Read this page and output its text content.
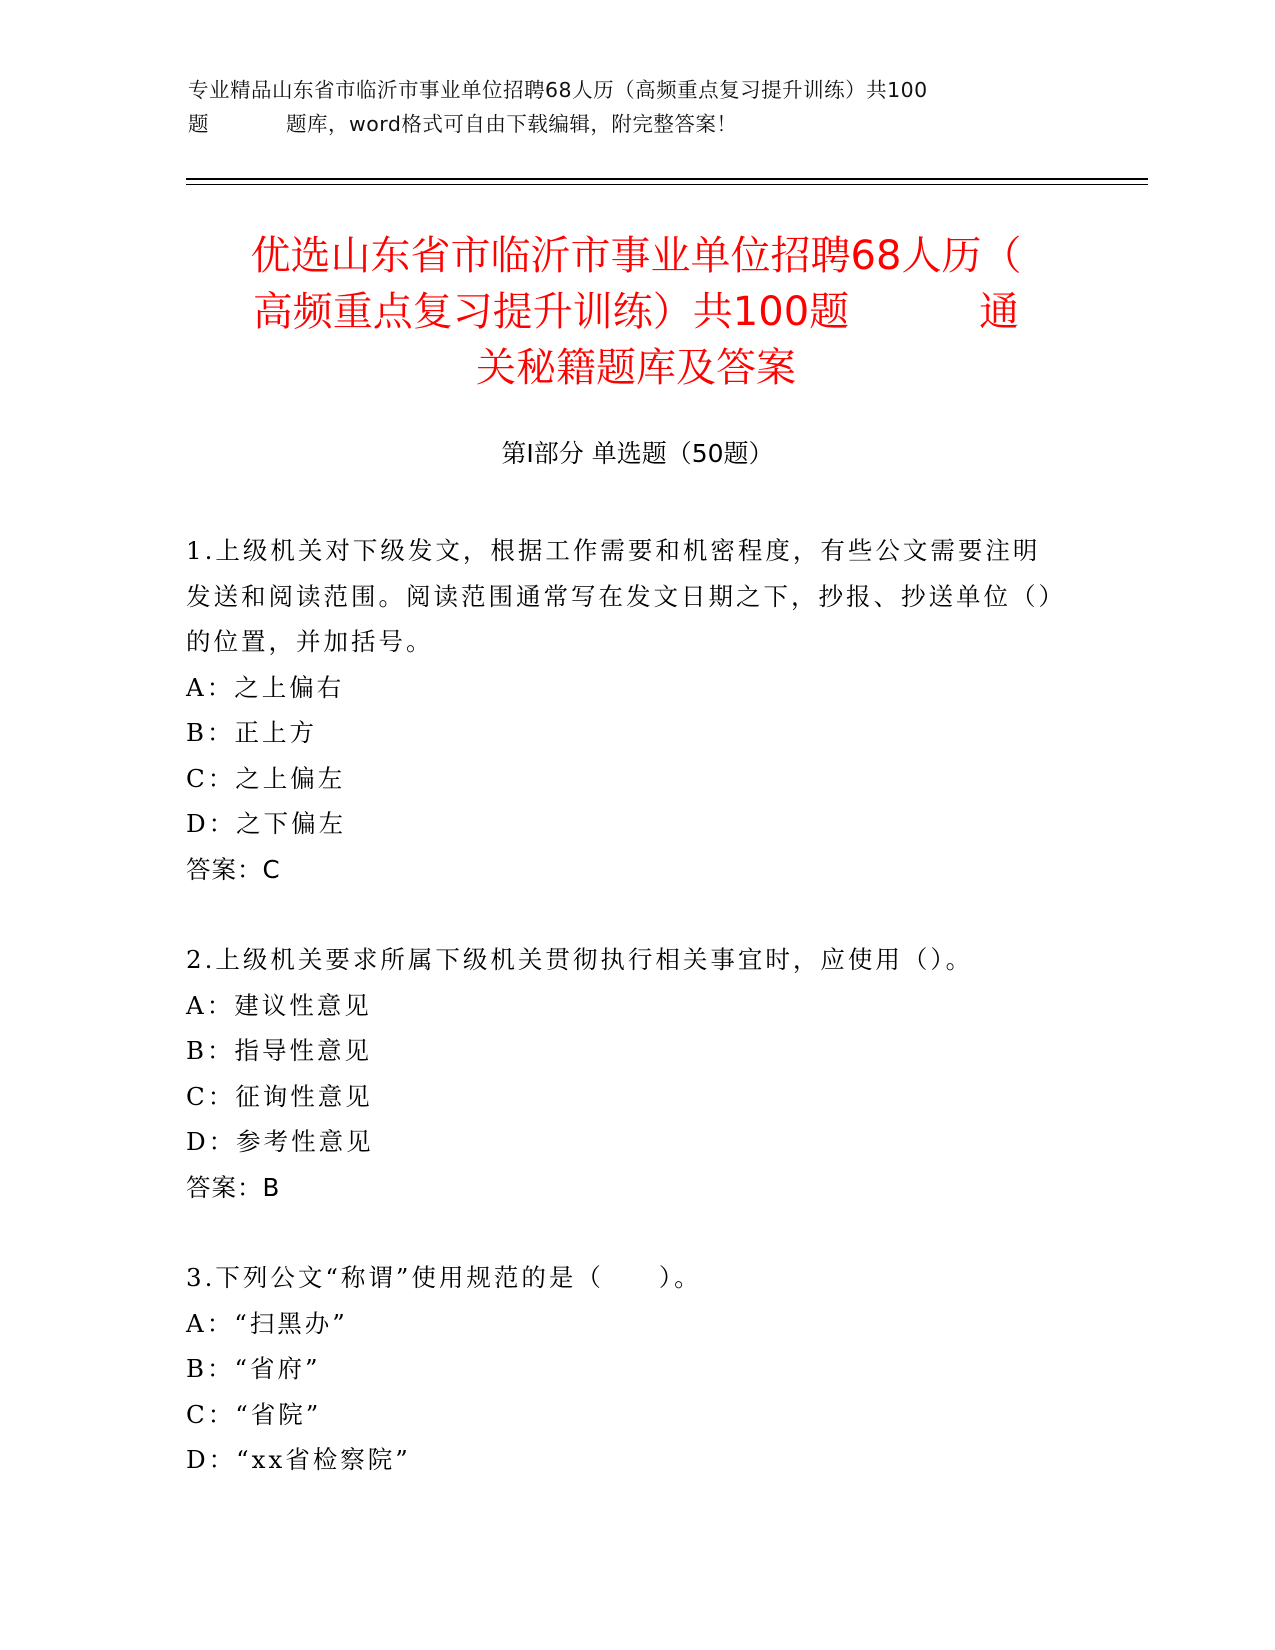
专业精品山东省市临沂市事业单位招聘68人历（高频重点复习提升训练）共100
题	题库，word格式可自由下载编辑，附完整答案！
优选山东省市临沂市事业单位招聘68人历（
高频重点复习提升训练）共100题	通
关秘籍题库及答案
第I部分 单选题（50题）

1.上级机关对下级发文，根据工作需要和机密程度，有些公文需要注明发送和阅读范围。阅读范围通常写在发文日期之下，抄报、抄送单位（）的位置，并加括号。

A：之上偏右

B：正上方

C：之上偏左

D：之下偏左

答案：C

2.上级机关要求所属下级机关贯彻执行相关事宜时，应使用（）。

A：建议性意见

B：指导性意见

C：征询性意见

D：参考性意见

答案：B

3.下列公文“称谓”使用规范的是（　　）。

A：“扫黑办”

B：“省府”

C：“省院”

D：“xx省检察院”
